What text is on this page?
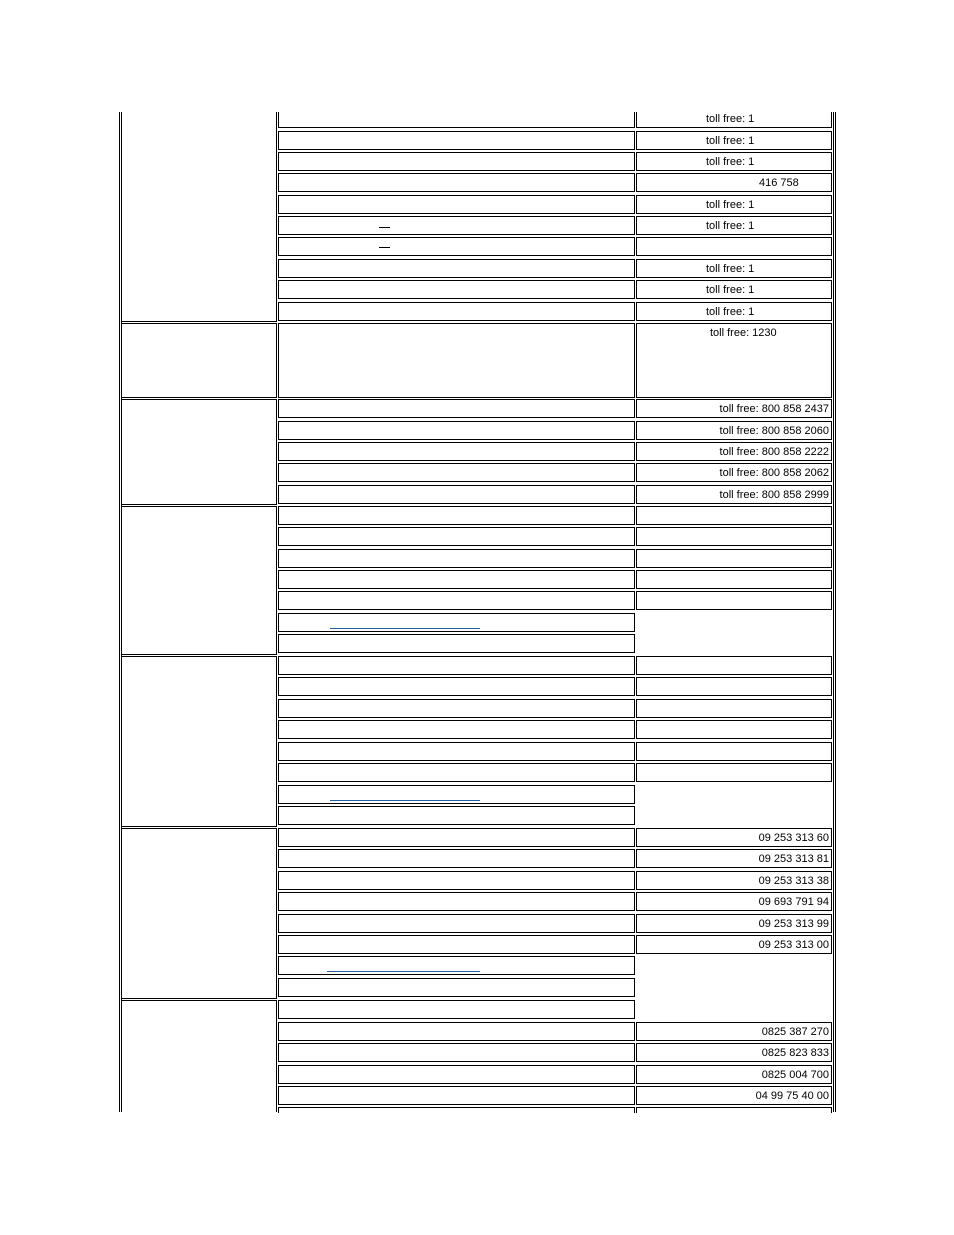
toll free: 1
toll free: 1
toll free: 1
416 758
toll free: 1
toll free: 1
toll free: 1
toll free: 1
toll free: 1
toll free: 1230
toll free: 800 858 2437
toll free: 800 858 2060
toll free: 800 858 2222
toll free: 800 858 2062
toll free: 800 858 2999
09 253 313 60
09 253 313 81
09 253 313 38
09 693 791 94
09 253 313 99
09 253 313 00
0825 387 270
0825 823 833
0825 004 700
04 99 75 40 00
